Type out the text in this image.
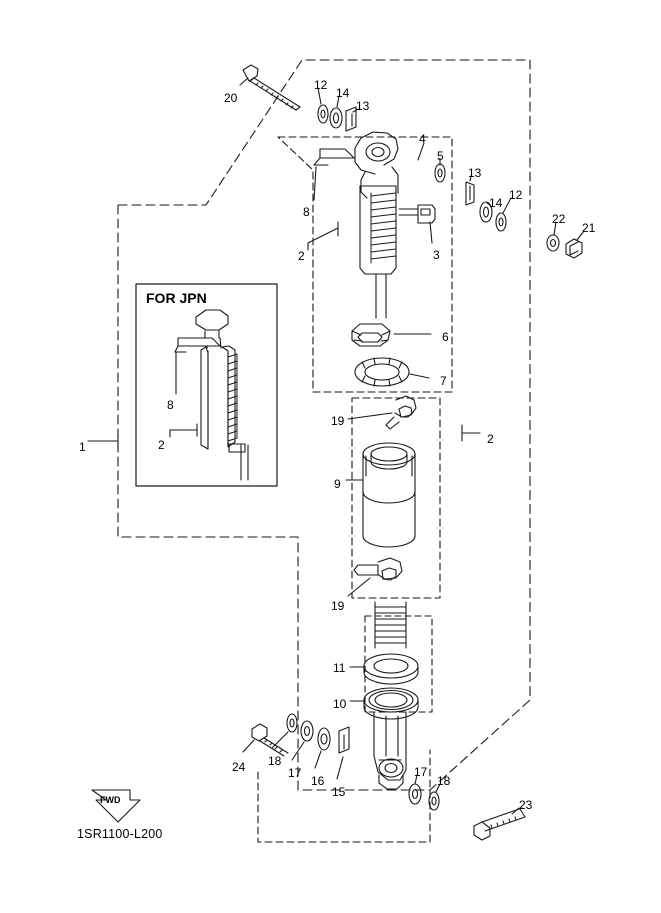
20
12
14
13
4
5
13
14
12
22
21
8
2	3
6
7
19
2
1
8
2
9
19
11
10
24 18
17
16
15
17
18
23
FOR JPN
FWD
1SR1100-L200
